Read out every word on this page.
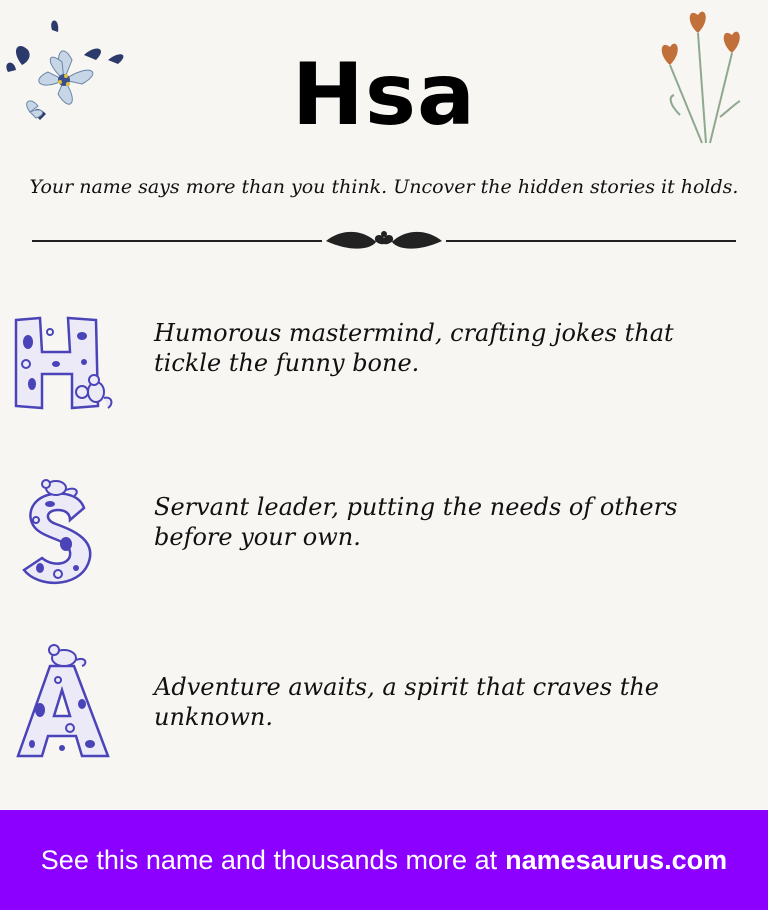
Hsa
Your name says more than you think. Uncover the hidden stories it holds.
Humorous mastermind, crafting jokes that tickle the funny bone.
Servant leader, putting the needs of others before your own.
Adventure awaits, a spirit that craves the unknown.
See this name and thousands more at namesaurus.com
